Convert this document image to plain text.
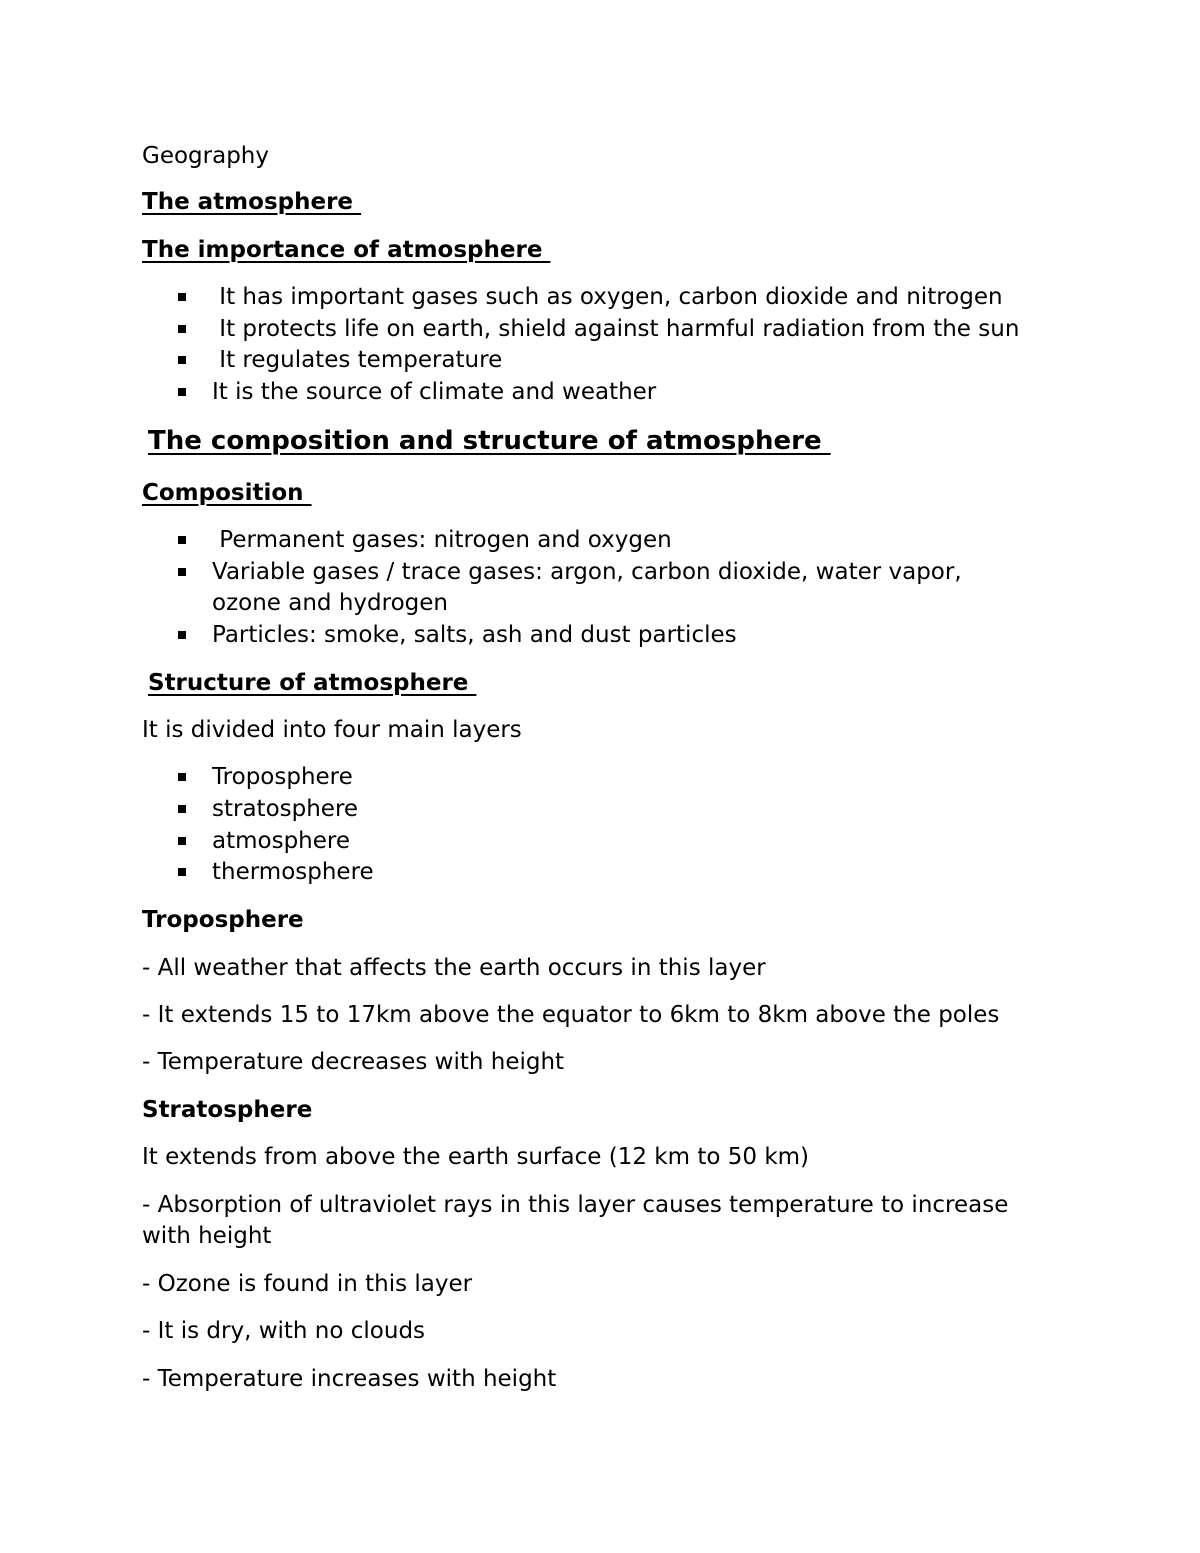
Geography

The atmosphere

The importance of atmosphere

It has important gases such as oxygen, carbon dioxide and nitrogen

It protects life on earth, shield against harmful radiation from the sun

It regulates temperature

It is the source of climate and weather

The composition and structure of atmosphere

Composition

Permanent gases: nitrogen and oxygen

Variable gases / trace gases: argon, carbon dioxide, water vapor,

ozone and hydrogen

Particles: smoke, salts, ash and dust particles

Structure of atmosphere

It is divided into four main layers

Troposphere

stratosphere

atmosphere

thermosphere

Troposphere

- All weather that affects the earth occurs in this layer

- It extends 15 to 17km above the equator to 6km to 8km above the poles

- Temperature decreases with height

Stratosphere

It extends from above the earth surface (12 km to 50 km)

- Absorption of ultraviolet rays in this layer causes temperature to increase

with height

- Ozone is found in this layer

- It is dry, with no clouds

- Temperature increases with height
